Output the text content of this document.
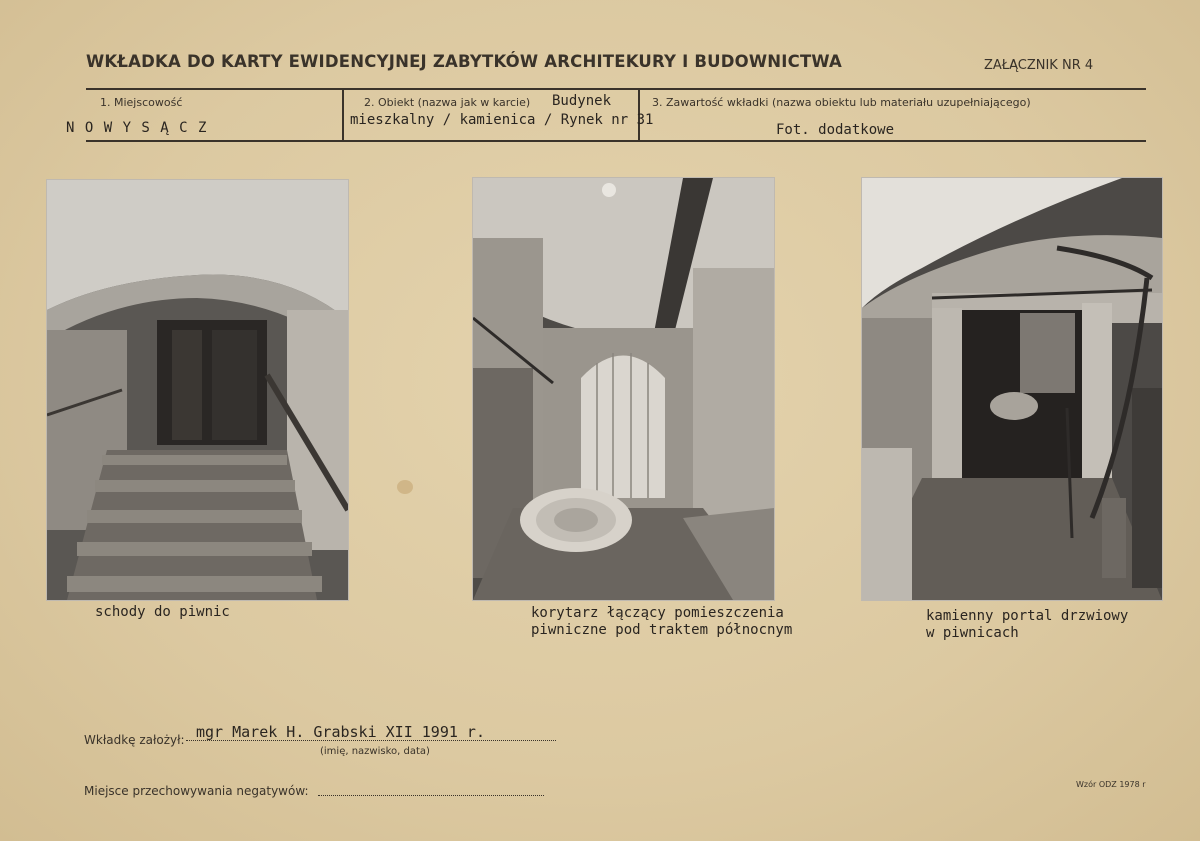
WKŁADKA DO KARTY EWIDENCYJNEJ ZABYTKÓW ARCHITEKURY I BUDOWNICTWA	ZAŁĄCZNIK NR 4
1. Miejscowość
N O W Y S Ą C Z
2. Obiekt (nazwa jak w karcie) Budynek
mieszkalny / kamienica / Rynek nr 31
3. Zawartość wkładki (nazwa obiektu lub materiału uzupełniającego)
Fot. dodatkowe
schody do piwnic	korytarz łączący pomieszczenia
piwniczne pod traktem północnym
kamienny portal drzwiowy
w piwnicach
Wkładkę założył: mgr Marek H. Grabski XII 1991 r.
(imię, nazwisko, data)
Miejsce przechowywania negatywów:	Wzór ODZ 1978 r
